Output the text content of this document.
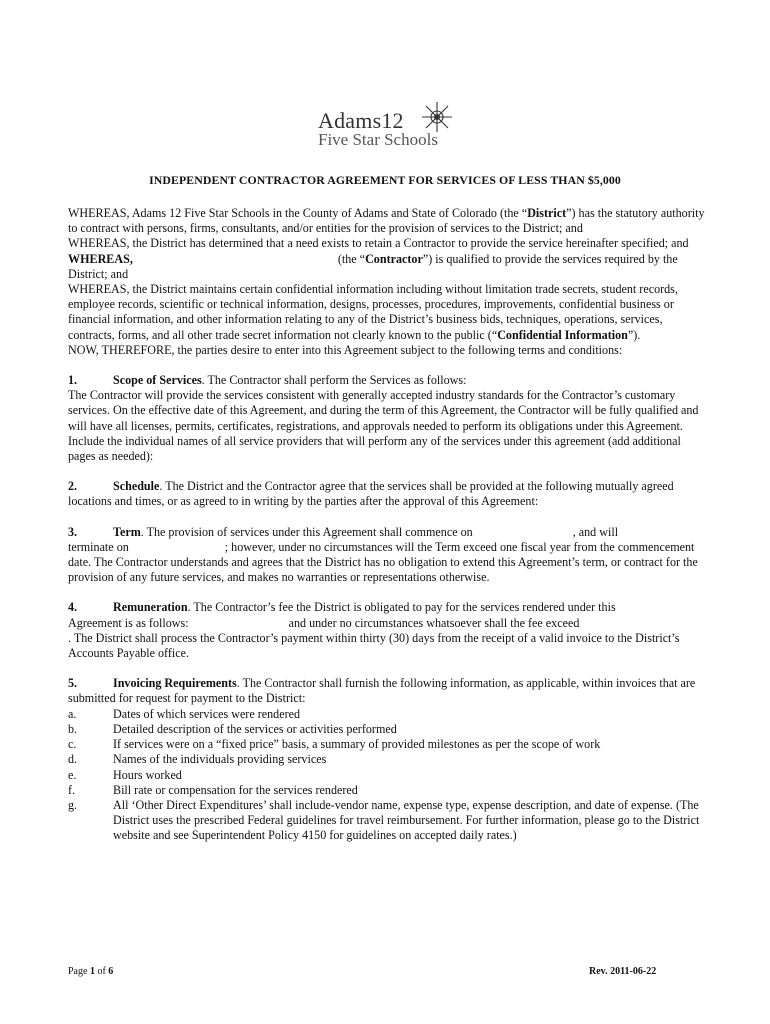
Adams12
Five Star Schools
INDEPENDENT CONTRACTOR AGREEMENT FOR SERVICES OF LESS THAN $5,000

WHEREAS, Adams 12 Five Star Schools in the County of Adams and State of Colorado (the “District”) has the statutory authority to contract with persons, firms, consultants, and/or entities for the provision of services to the District; and

WHEREAS, the District has determined that a need exists to retain a Contractor to provide the service hereinafter specified; and

WHEREAS,	(the “Contractor”) is qualified to provide the services required by the District; and

WHEREAS, the District maintains certain confidential information including without limitation trade secrets, student records, employee records, scientific or technical information, designs, processes, procedures, improvements, confidential business or financial information, and other information relating to any of the District’s business bids, techniques, operations, services, contracts, forms, and all other trade secret information not clearly known to the public (“Confidential Information”).

NOW, THEREFORE, the parties desire to enter into this Agreement subject to the following terms and conditions:

1.	Scope of Services. The Contractor shall perform the Services as follows:

The Contractor will provide the services consistent with generally accepted industry standards for the Contractor’s customary services. On the effective date of this Agreement, and during the term of this Agreement, the Contractor will be fully qualified and will have all licenses, permits, certificates, registrations, and approvals needed to perform its obligations under this Agreement. Include the individual names of all service providers that will perform any of the services under this agreement (add additional pages as needed):

2.	Schedule. The District and the Contractor agree that the services shall be provided at the following mutually agreed locations and times, or as agreed to in writing by the parties after the approval of this Agreement:

3.	Term. The provision of services under this Agreement shall commence on	, and will
terminate on	; however, under no circumstances will the Term exceed one fiscal year from the commencement date. The Contractor understands and agrees that the District has no obligation to extend this Agreement’s term, or contract for the provision of any future services, and makes no warranties or representations otherwise.

4.	Remuneration. The Contractor’s fee the District is obligated to pay for the services rendered under this
Agreement is as follows:	and under no circumstances whatsoever shall the fee exceed
. The District shall process the Contractor’s payment within thirty (30) days from the receipt of a valid invoice to the District’s Accounts Payable office.

5.	Invoicing Requirements. The Contractor shall furnish the following information, as applicable, within invoices that are submitted for request for payment to the District:

a.	Dates of which services were rendered
b.	Detailed description of the services or activities performed
c.	If services were on a “fixed price” basis, a summary of provided milestones as per the scope of work
d.	Names of the individuals providing services
e.	Hours worked
f.	Bill rate or compensation for the services rendered
g.	All ‘Other Direct Expenditures’ shall include-vendor name, expense type, expense description, and date of expense. (The District uses the prescribed Federal guidelines for travel reimbursement. For further information, please go to the District website and see Superintendent Policy 4150 for guidelines on accepted daily rates.)
Page 1 of 6	Rev. 2011-06-22
